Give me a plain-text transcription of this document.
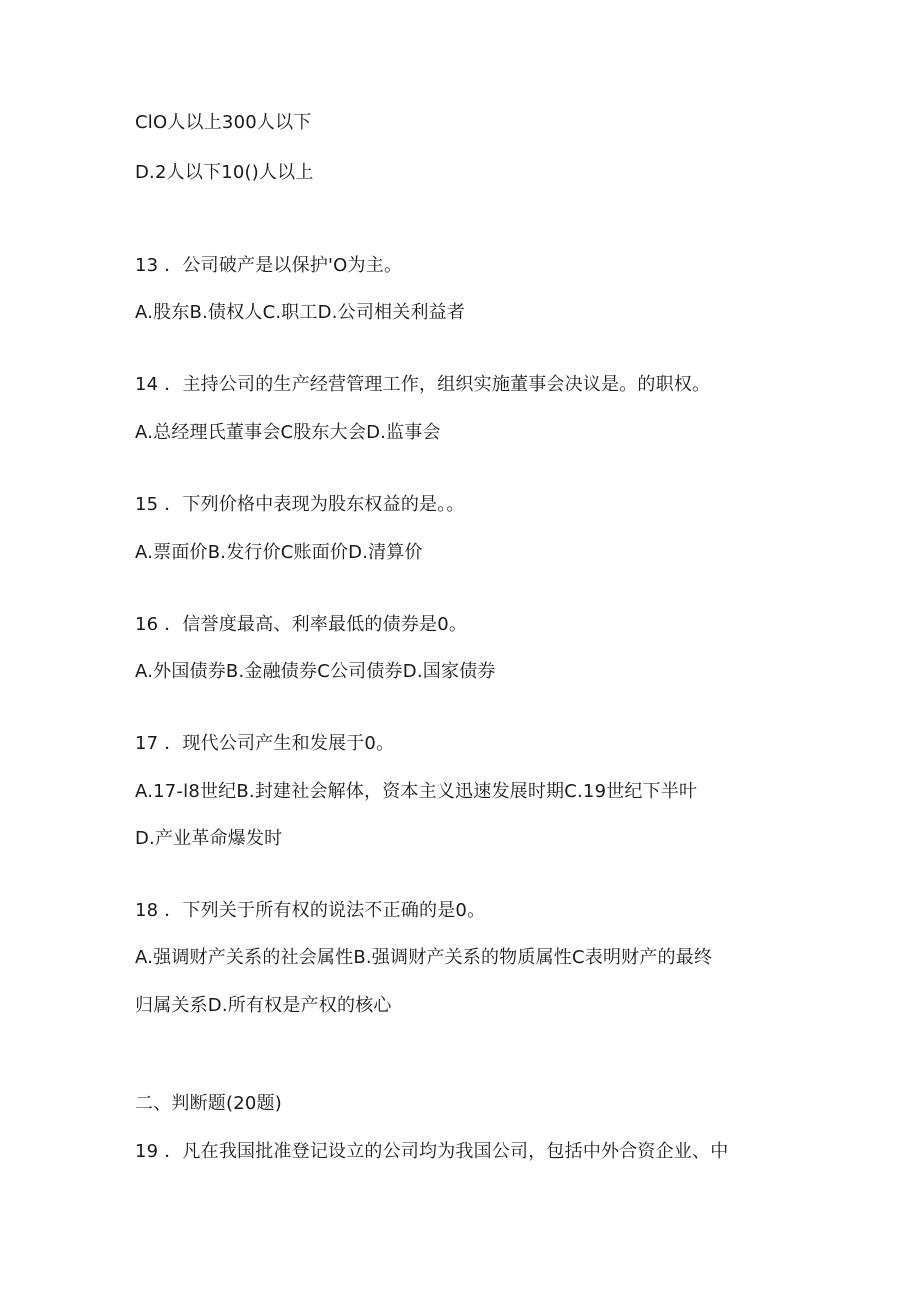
ClO人以上300人以下
D.2人以下10()人以上
13 ．公司破产是以保护'O为主。
A.股东B.债权人C.职工D.公司相关利益者
14 ．主持公司的生产经营管理工作，组织实施董事会决议是。的职权。
A.总经理氏董事会C股东大会D.监事会
15 ．下列价格中表现为股东权益的是。。
A.票面价B.发行价C账面价D.清算价
16 ．信誉度最高、利率最低的债券是0。
A.外国债券B.金融债券C公司债券D.国家债券
17 ．现代公司产生和发展于0。
A.17-l8世纪B.封建社会解体，资本主义迅速发展时期C.19世纪下半叶
D.产业革命爆发时
18 ．下列关于所有权的说法不正确的是0。
A.强调财产关系的社会属性B.强调财产关系的物质属性C表明财产的最终
归属关系D.所有权是产权的核心
二、判断题(20题)
19 ．凡在我国批准登记设立的公司均为我国公司，包括中外合资企业、中
